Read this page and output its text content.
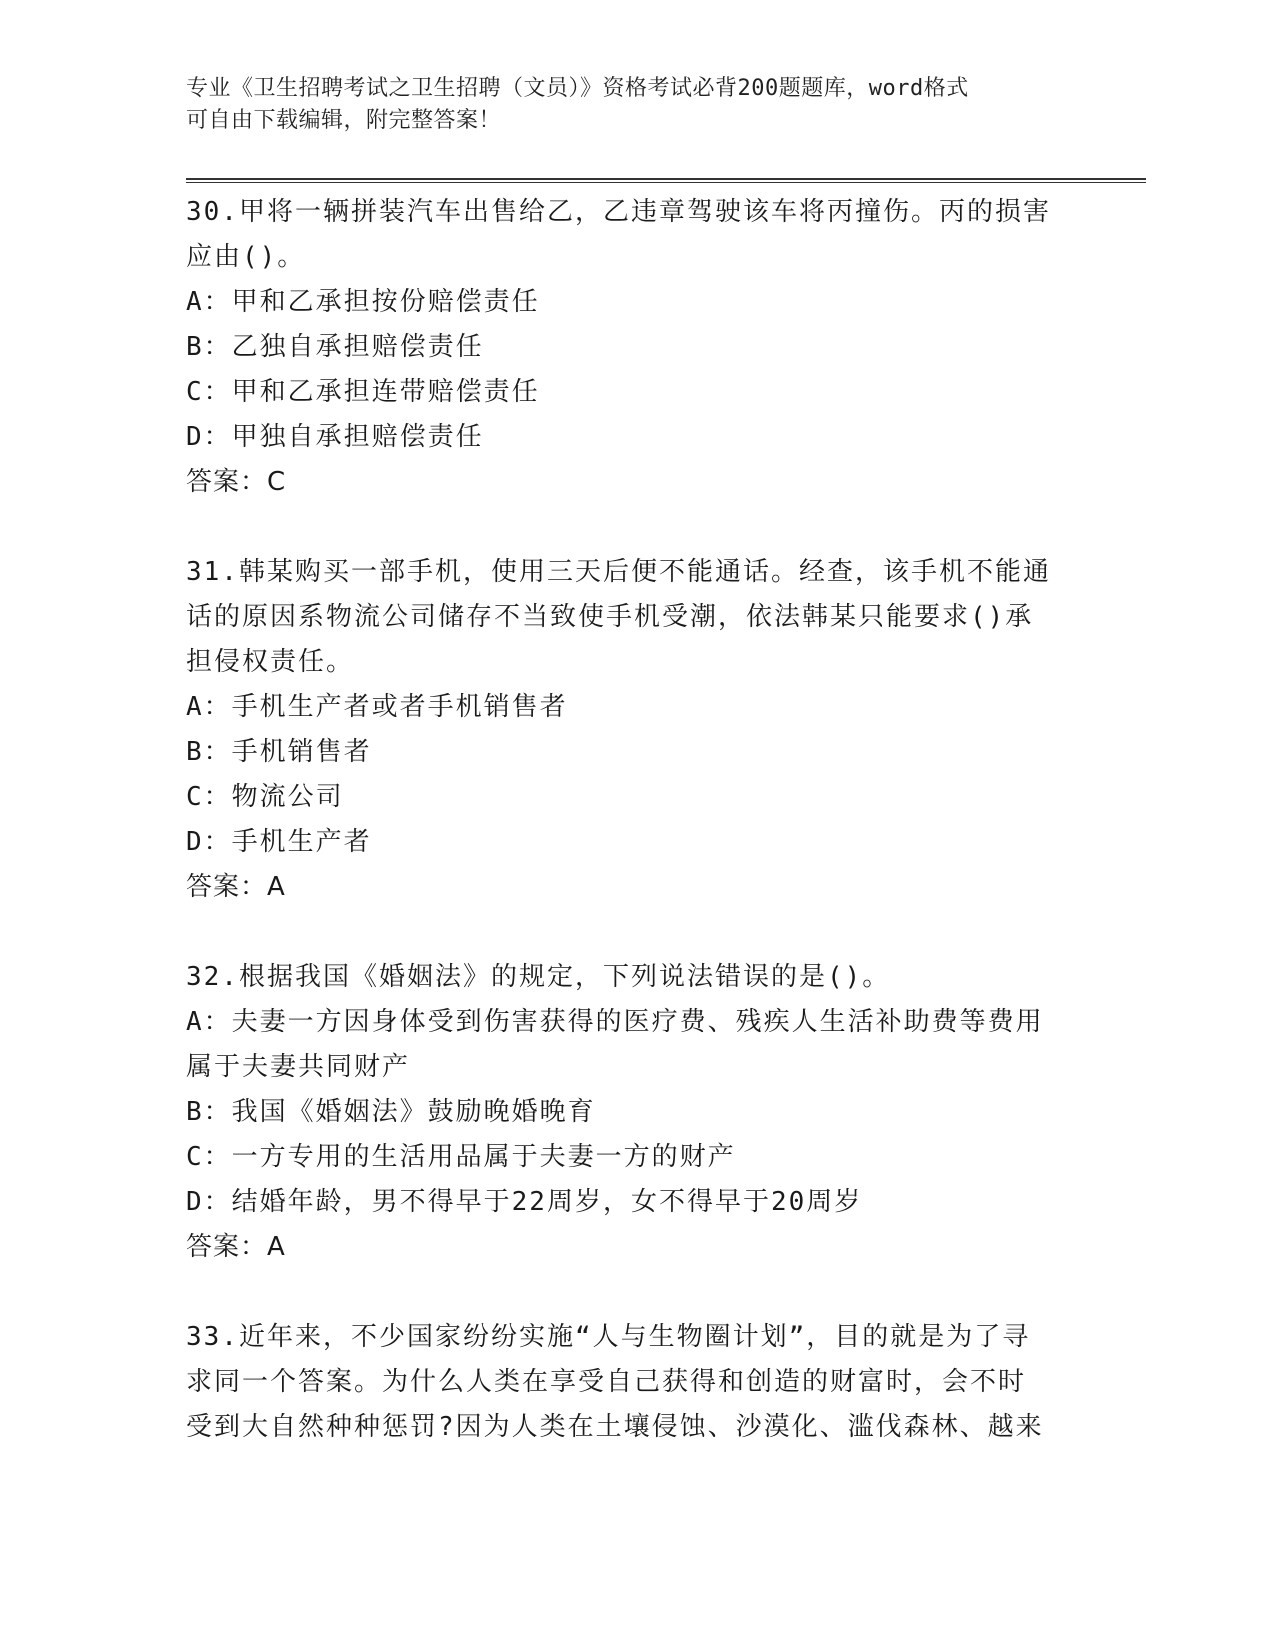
专业《卫生招聘考试之卫生招聘（文员）》资格考试必背200题题库，word格式
可自由下载编辑，附完整答案！
30.甲将一辆拼装汽车出售给乙，乙违章驾驶该车将丙撞伤。丙的损害
应由()。
A：甲和乙承担按份赔偿责任
B：乙独自承担赔偿责任
C：甲和乙承担连带赔偿责任
D：甲独自承担赔偿责任
答案：C
31.韩某购买一部手机，使用三天后便不能通话。经查，该手机不能通
话的原因系物流公司储存不当致使手机受潮，依法韩某只能要求()承
担侵权责任。
A：手机生产者或者手机销售者
B：手机销售者
C：物流公司
D：手机生产者
答案：A
32.根据我国《婚姻法》的规定，下列说法错误的是()。
A：夫妻一方因身体受到伤害获得的医疗费、残疾人生活补助费等费用
属于夫妻共同财产
B：我国《婚姻法》鼓励晚婚晚育
C：一方专用的生活用品属于夫妻一方的财产
D：结婚年龄，男不得早于22周岁，女不得早于20周岁
答案：A
33.近年来，不少国家纷纷实施“人与生物圈计划”，目的就是为了寻
求同一个答案。为什么人类在享受自己获得和创造的财富时，会不时
受到大自然种种惩罚?因为人类在土壤侵蚀、沙漠化、滥伐森林、越来
